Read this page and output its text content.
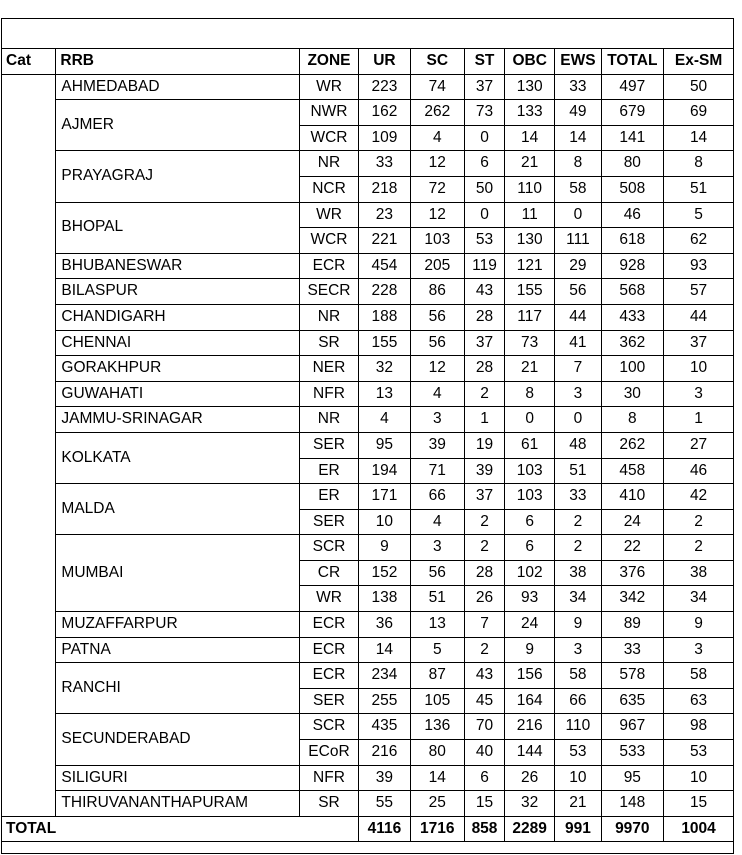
Cat	RRB	ZONE	UR	SC	ST	OBC	EWS	TOTAL	Ex-SM
	AHMEDABAD	WR	223	74	37	130	33	497	50
	AJMER	NWR	162	262	73	133	49	679	69
		WCR	109	4	0	14	14	141	14
	PRAYAGRAJ	NR	33	12	6	21	8	80	8
		NCR	218	72	50	110	58	508	51
	BHOPAL	WR	23	12	0	11	0	46	5
		WCR	221	103	53	130	111	618	62
	BHUBANESWAR	ECR	454	205	119	121	29	928	93
	BILASPUR	SECR	228	86	43	155	56	568	57
	CHANDIGARH	NR	188	56	28	117	44	433	44
	CHENNAI	SR	155	56	37	73	41	362	37
	GORAKHPUR	NER	32	12	28	21	7	100	10
	GUWAHATI	NFR	13	4	2	8	3	30	3
	JAMMU-SRINAGAR	NR	4	3	1	0	0	8	1
	KOLKATA	SER	95	39	19	61	48	262	27
		ER	194	71	39	103	51	458	46
	MALDA	ER	171	66	37	103	33	410	42
		SER	10	4	2	6	2	24	2
	MUMBAI	SCR	9	3	2	6	2	22	2
		CR	152	56	28	102	38	376	38
		WR	138	51	26	93	34	342	34
	MUZAFFARPUR	ECR	36	13	7	24	9	89	9
	PATNA	ECR	14	5	2	9	3	33	3
	RANCHI	ECR	234	87	43	156	58	578	58
		SER	255	105	45	164	66	635	63
	SECUNDERABAD	SCR	435	136	70	216	110	967	98
		ECoR	216	80	40	144	53	533	53
	SILIGURI	NFR	39	14	6	26	10	95	10
	THIRUVANANTHAPURAM	SR	55	25	15	32	21	148	15
TOTAL			4116	1716	858	2289	991	9970	1004
